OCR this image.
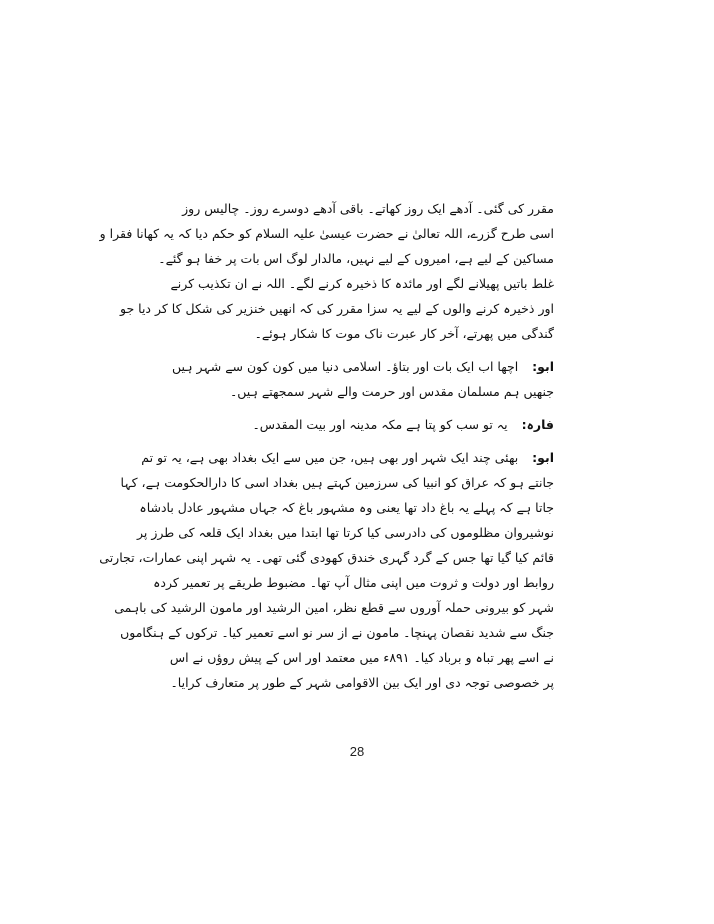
مقرر کی گئی۔ آدھے ایک روز کھاتے۔ باقی آدھے دوسرے روز۔ چالیس روز
اسی طرح گزرے، اللہ تعالیٰ نے حضرت عیسیٰ علیہ السلام کو حکم دیا کہ یہ کھانا فقرا و
مساکین کے لیے ہے، امیروں کے لیے نہیں، مالدار لوگ اس بات پر خفا ہو گئے۔
غلط باتیں پھیلانے لگے اور مائدہ کا ذخیرہ کرنے لگے۔ اللہ نے ان تکذیب کرنے
اور ذخیرہ کرنے والوں کے لیے یہ سزا مقرر کی کہ انھیں خنزیر کی شکل کا کر دیا جو
گندگی میں پھرتے، آخر کار عبرت ناک موت کا شکار ہوئے۔
ابو: اچھا اب ایک بات اور بتاؤ۔ اسلامی دنیا میں کون کون سے شہر ہیں
جنھیں ہم مسلمان مقدس اور حرمت والے شہر سمجھتے ہیں۔
فارہ: یہ تو سب کو پتا ہے مکہ مدینہ اور بیت المقدس۔
ابو: بھئی چند ایک شہر اور بھی ہیں، جن میں سے ایک بغداد بھی ہے، یہ تو تم
جانتے ہو کہ عراق کو انبیا کی سرزمین کہتے ہیں بغداد اسی کا دارالحکومت ہے، کہا
جاتا ہے کہ پہلے یہ باغ داد تھا یعنی وہ مشہور باغ کہ جہاں مشہور عادل بادشاہ
نوشیروان مظلوموں کی دادرسی کیا کرتا تھا ابتدا میں بغداد ایک قلعہ کی طرز پر
قائم کیا گیا تھا جس کے گرد گہری خندق کھودی گئی تھی۔ یہ شہر اپنی عمارات، تجارتی
روابط اور دولت و ثروت میں اپنی مثال آپ تھا۔ مضبوط طریقے پر تعمیر کردہ
شہر کو بیرونی حملہ آوروں سے قطع نظر، امین الرشید اور مامون الرشید کی باہمی
جنگ سے شدید نقصان پہنچا۔ مامون نے از سر نو اسے تعمیر کیا۔ ترکوں کے ہنگاموں
نے اسے پھر تباہ و برباد کیا۔ ۸۹۱ء میں معتمد اور اس کے پیش روؤں نے اس
پر خصوصی توجہ دی اور ایک بین الاقوامی شہر کے طور پر متعارف کرایا۔
28
